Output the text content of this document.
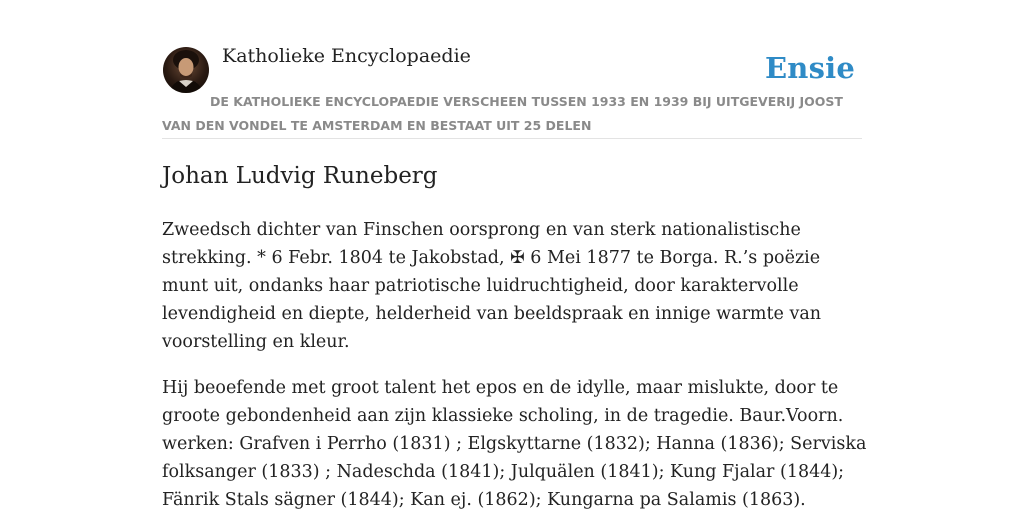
Katholieke Encyclopaedie	Ensie
DE KATHOLIEKE ENCYCLOPAEDIE VERSCHEEN TUSSEN 1933 EN 1939 BIJ UITGEVERIJ JOOST VAN DEN VONDEL TE AMSTERDAM EN BESTAAT UIT 25 DELEN
Johan Ludvig Runeberg

Zweedsch dichter van Finschen oorsprong en van sterk nationalistische strekking. * 6 Febr. 1804 te Jakobstad, ✠ 6 Mei 1877 te Borga. R.’s poëzie munt uit, ondanks haar patriotische luidruchtigheid, door karaktervolle levendigheid en diepte, helderheid van beeldspraak en innige warmte van voorstelling en kleur.

Hij beoefende met groot talent het epos en de idylle, maar mislukte, door te groote gebondenheid aan zijn klassieke scholing, in de tragedie. Baur.Voorn. werken: Grafven i Perrho (1831) ; Elgskyttarne (1832); Hanna (1836); Serviska folksanger (1833) ; Nadeschda (1841); Julquälen (1841); Kung Fjalar (1844); Fänrik Stals sägner (1844); Kan ej. (1862); Kungarna pa Salamis (1863).
